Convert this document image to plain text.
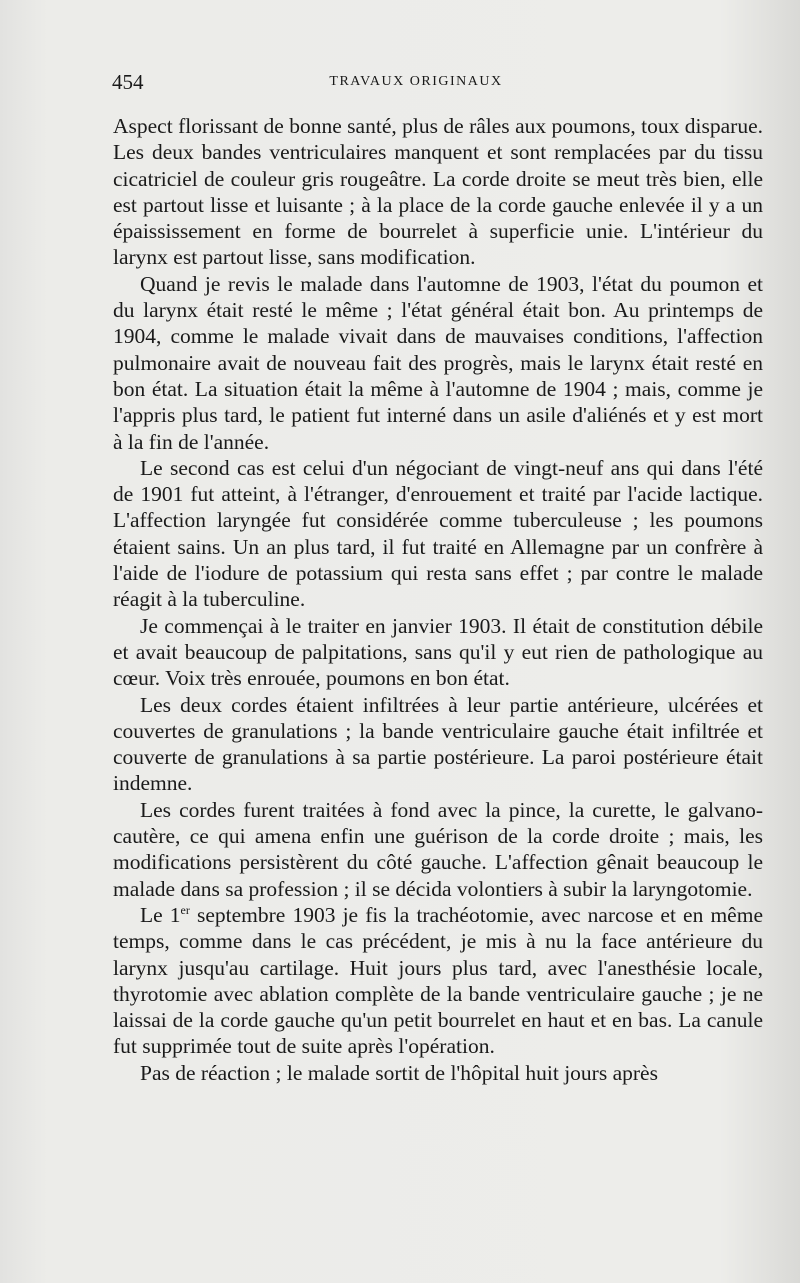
454	TRAVAUX ORIGINAUX

Aspect florissant de bonne santé, plus de râles aux poumons, toux disparue. Les deux bandes ventriculaires manquent et sont remplacées par du tissu cicatriciel de couleur gris rougeâtre. La corde droite se meut très bien, elle est partout lisse et luisante ; à la place de la corde gauche enlevée il y a un épaississement en forme de bourrelet à superficie unie. L'intérieur du larynx est partout lisse, sans modification.

Quand je revis le malade dans l'automne de 1903, l'état du poumon et du larynx était resté le même ; l'état général était bon. Au printemps de 1904, comme le malade vivait dans de mauvaises conditions, l'affection pulmonaire avait de nouveau fait des progrès, mais le larynx était resté en bon état. La situation était la même à l'automne de 1904 ; mais, comme je l'appris plus tard, le patient fut interné dans un asile d'aliénés et y est mort à la fin de l'année.

Le second cas est celui d'un négociant de vingt-neuf ans qui dans l'été de 1901 fut atteint, à l'étranger, d'enrouement et traité par l'acide lactique. L'affection laryngée fut considérée comme tuberculeuse ; les poumons étaient sains. Un an plus tard, il fut traité en Allemagne par un confrère à l'aide de l'iodure de potassium qui resta sans effet ; par contre le malade réagit à la tuberculine.

Je commençai à le traiter en janvier 1903. Il était de constitution débile et avait beaucoup de palpitations, sans qu'il y eut rien de pathologique au cœur. Voix très enrouée, poumons en bon état.

Les deux cordes étaient infiltrées à leur partie antérieure, ulcérées et couvertes de granulations ; la bande ventriculaire gauche était infiltrée et couverte de granulations à sa partie postérieure. La paroi postérieure était indemne.

Les cordes furent traitées à fond avec la pince, la curette, le galvano-cautère, ce qui amena enfin une guérison de la corde droite ; mais, les modifications persistèrent du côté gauche. L'affection gênait beaucoup le malade dans sa profession ; il se décida volontiers à subir la laryngotomie.

Le 1er septembre 1903 je fis la trachéotomie, avec narcose et en même temps, comme dans le cas précédent, je mis à nu la face antérieure du larynx jusqu'au cartilage. Huit jours plus tard, avec l'anesthésie locale, thyrotomie avec ablation complète de la bande ventriculaire gauche ; je ne laissai de la corde gauche qu'un petit bourrelet en haut et en bas. La canule fut supprimée tout de suite après l'opération.

Pas de réaction ; le malade sortit de l'hôpital huit jours après
